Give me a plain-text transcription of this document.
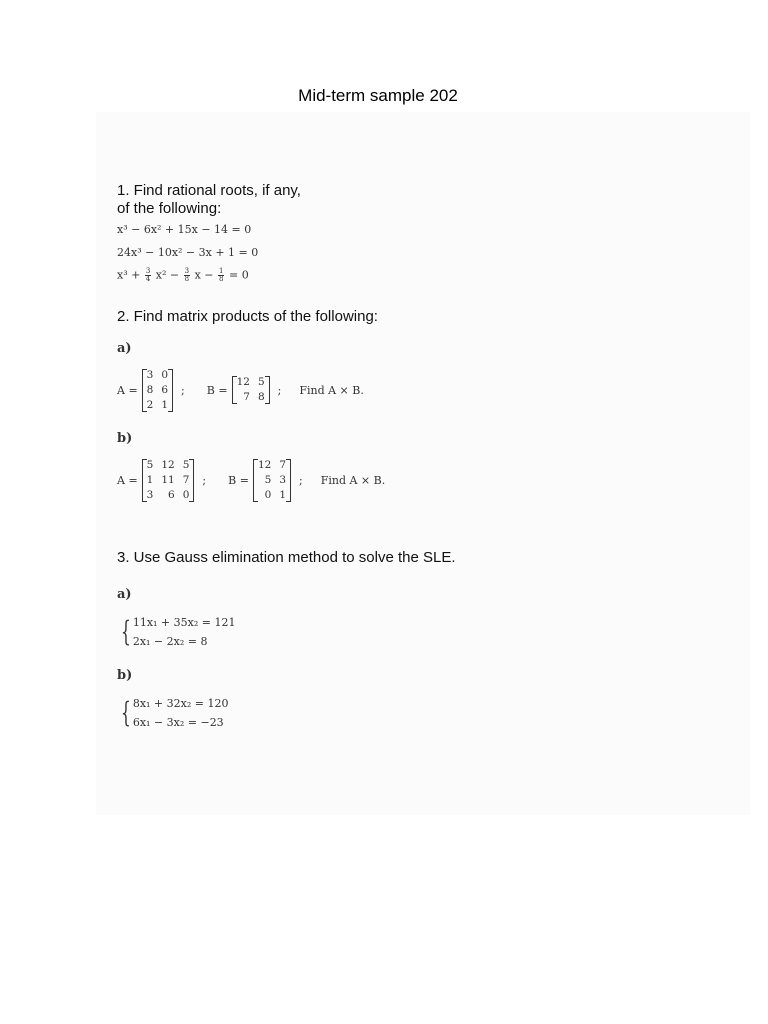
Mid-term sample 202
1. Find rational roots, if any,
of the following:
x³ − 6x² + 15x − 14 = 0
24x³ − 10x² − 3x + 1 = 0
$x^3 + \frac{3}{4} x^2 - \frac{3}{8}$ $x - \frac{1}{8} = 0$
2. Find matrix products of the following:
a)
A =
3 0
8 6
2 1
; B =
12 5
7 8
; Find A × B.
b)
A =
5 12 5
1 11 7
3	6 0
; B =
12 7
5 3
0 1
; Find A × B.
3. Use Gauss elimination method to solve the SLE.
a)
{ 11x₁ + 35x₂ = 121
2x₁ − 2x₂ = 8
b)
{ 8x₁ + 32x₂ = 120
6x₁ − 3x₂ = −23
